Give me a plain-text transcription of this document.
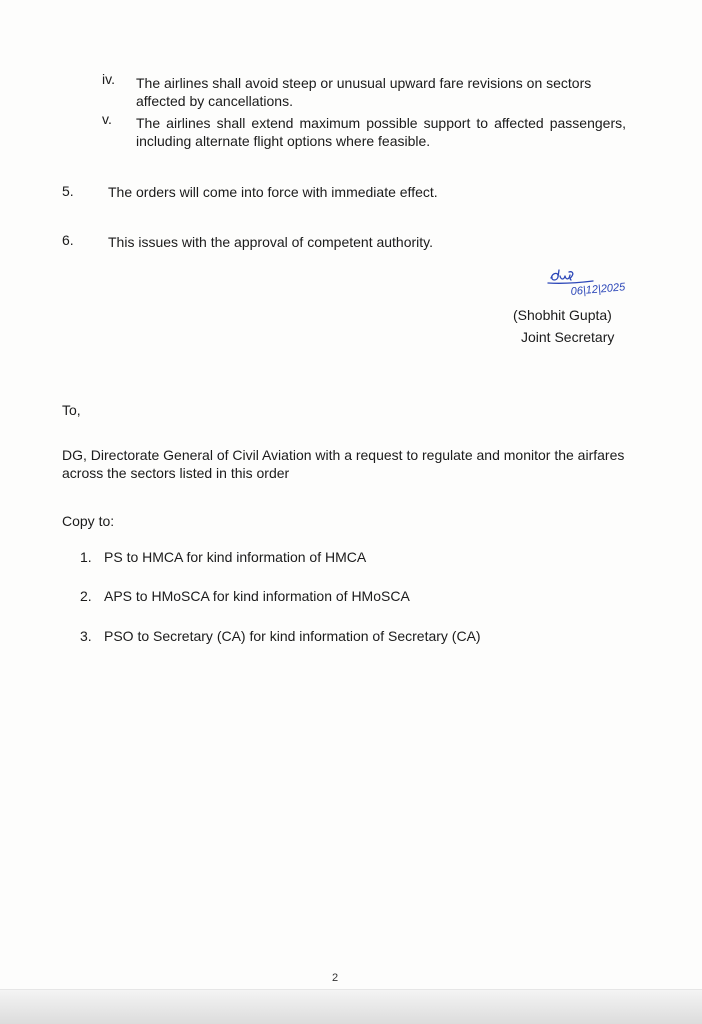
iv. The airlines shall avoid steep or unusual upward fare revisions on sectors affected by cancellations.
v. The airlines shall extend maximum possible support to affected passengers, including alternate flight options where feasible.
5. The orders will come into force with immediate effect.
6. This issues with the approval of competent authority.
06|12|2025
(Shobhit Gupta)
Joint Secretary
To,
DG, Directorate General of Civil Aviation with a request to regulate and monitor the airfares across the sectors listed in this order
Copy to:
1. PS to HMCA for kind information of HMCA
2. APS to HMoSCA for kind information of HMoSCA
3. PSO to Secretary (CA) for kind information of Secretary (CA)
2
